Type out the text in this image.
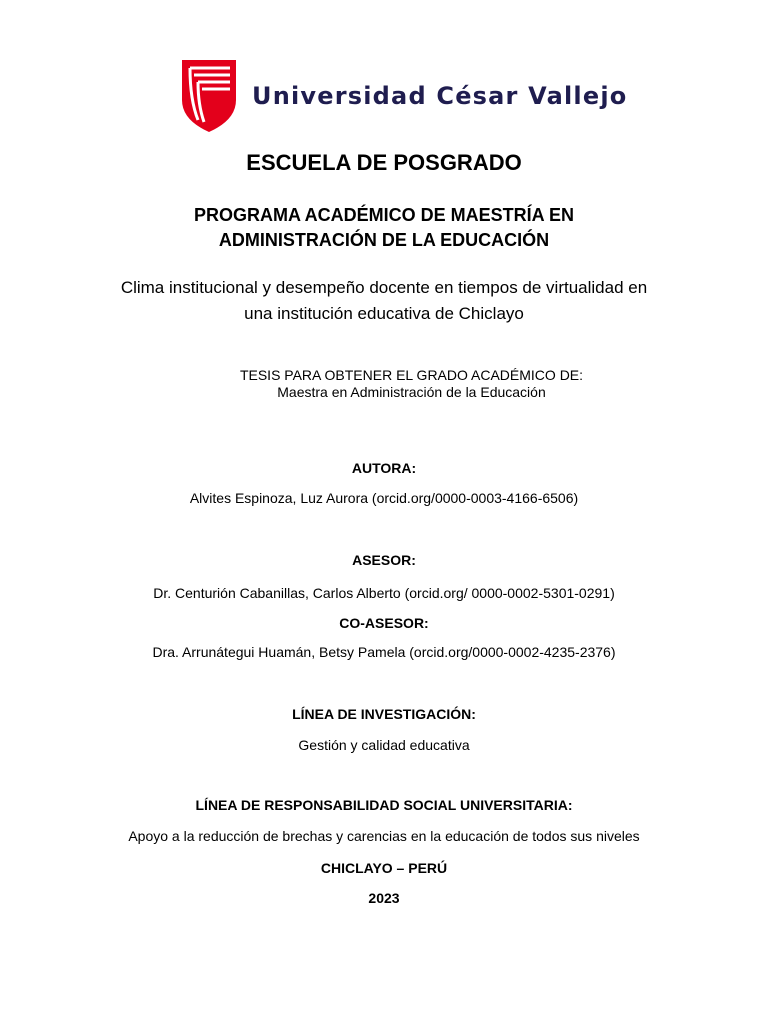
Universidad César Vallejo
ESCUELA DE POSGRADO
PROGRAMA ACADÉMICO DE MAESTRÍA EN
ADMINISTRACIÓN DE LA EDUCACIÓN
Clima institucional y desempeño docente en tiempos de virtualidad en
una institución educativa de Chiclayo
TESIS PARA OBTENER EL GRADO ACADÉMICO DE:
Maestra en Administración de la Educación
AUTORA:
Alvites Espinoza, Luz Aurora (orcid.org/0000-0003-4166-6506)
ASESOR:
Dr. Centurión Cabanillas, Carlos Alberto (orcid.org/ 0000-0002-5301-0291)
CO-ASESOR:
Dra. Arrunátegui Huamán, Betsy Pamela (orcid.org/0000-0002-4235-2376)
LÍNEA DE INVESTIGACIÓN:
Gestión y calidad educativa
LÍNEA DE RESPONSABILIDAD SOCIAL UNIVERSITARIA:
Apoyo a la reducción de brechas y carencias en la educación de todos sus niveles
CHICLAYO – PERÚ
2023
